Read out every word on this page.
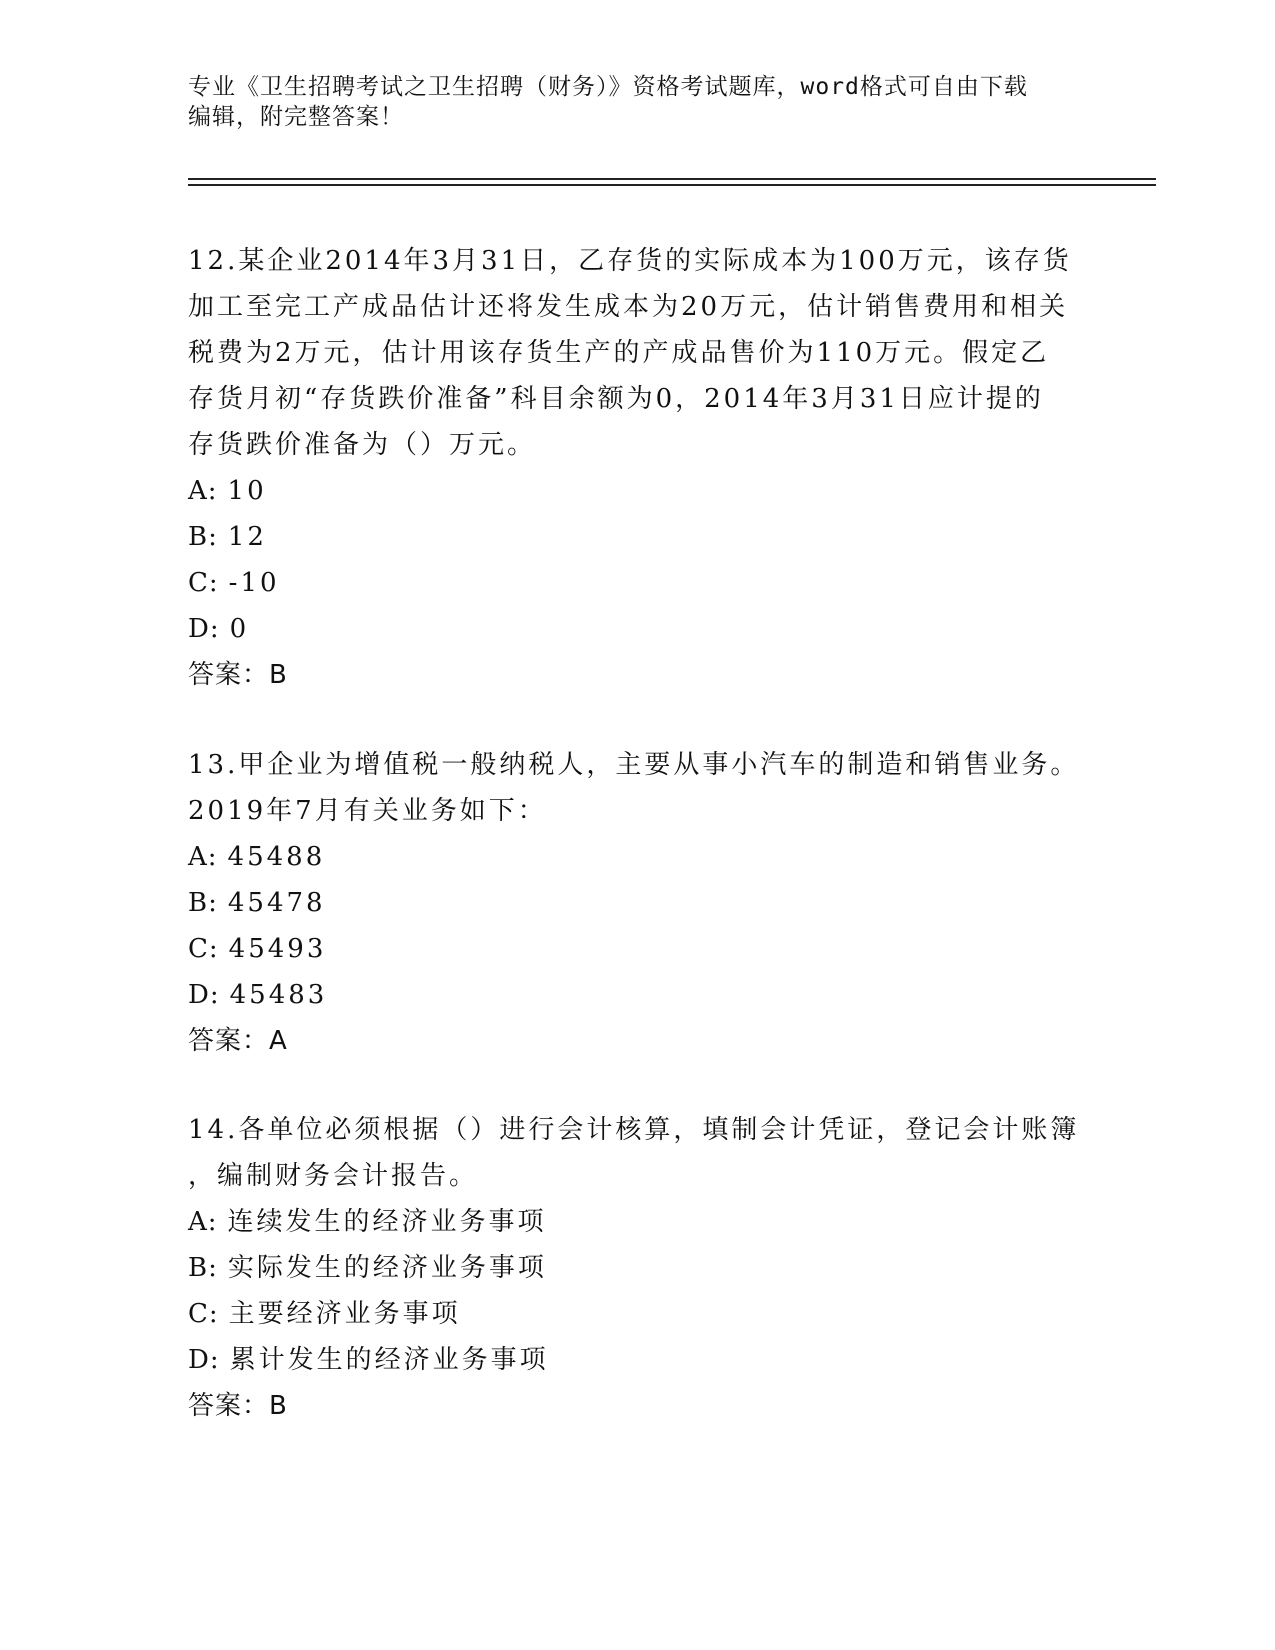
专业《卫生招聘考试之卫生招聘（财务）》资格考试题库，word格式可自由下载
编辑，附完整答案！

12.某企业2014年3月31日，乙存货的实际成本为100万元，该存货

加工至完工产成品估计还将发生成本为20万元，估计销售费用和相关

税费为2万元，估计用该存货生产的产成品售价为110万元。假定乙

存货月初“存货跌价准备”科目余额为0，2014年3月31日应计提的

存货跌价准备为（）万元。

A: 10

B: 12

C: -10

D: 0

答案：B

13.甲企业为增值税一般纳税人，主要从事小汽车的制造和销售业务。

2019年7月有关业务如下：

A: 45488

B: 45478

C: 45493

D: 45483

答案：A

14.各单位必须根据（）进行会计核算，填制会计凭证，登记会计账簿

，编制财务会计报告。

A: 连续发生的经济业务事项

B: 实际发生的经济业务事项

C: 主要经济业务事项

D: 累计发生的经济业务事项

答案：B
